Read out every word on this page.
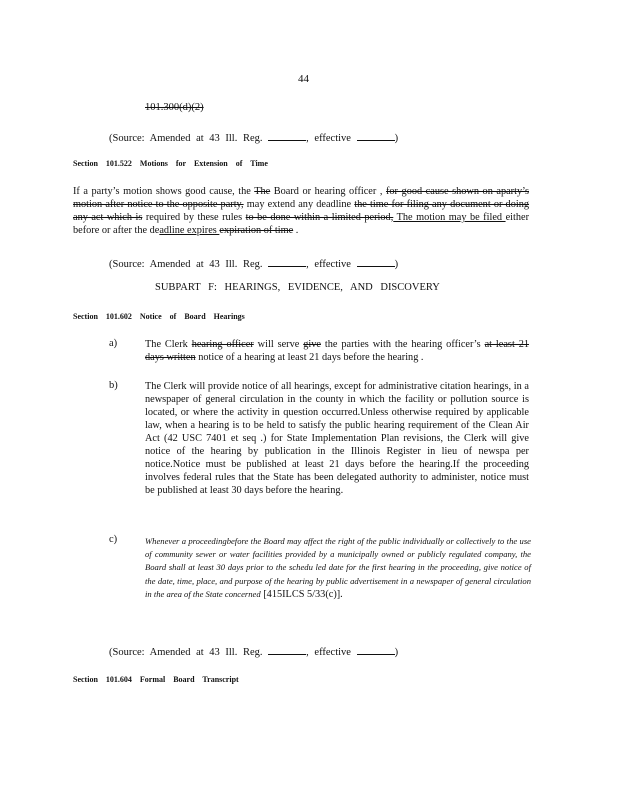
44
101.300(d)(2)
(Source: Amended at 43 Ill. Reg.	, effective	)
Section 101.522 Motions for Extension of Time
If a party’s motion shows good cause, the The Board or hearing officer , for good cause shown on aparty’s motion after notice to the opposite party, may extend any deadline the time for filing any document or doing any act which is required by these rules to be done within a limited period, The motion may be filed either before or after the deadline expires expiration of time .
(Source: Amended at 43 Ill. Reg.	, effective	)
SUBPART F: HEARINGS, EVIDENCE, AND DISCOVERY
Section 101.602 Notice of Board Hearings
a)	The Clerk hearing officer will serve give the parties with the hearing officer’s at least 21 days written notice of a hearing at least 21 days before the hearing .
b)	The Clerk will provide notice of all hearings, except for administrative citation hearings, in a newspaper of general circulation in the county in which the facility or pollution source is located, or where the activity in question occurred.Unless otherwise required by applicable law, when a hearing is to be held to satisfy the public hearing requirement of the Clean Air Act (42 USC 7401 et seq .) for State Implementation Plan revisions, the Clerk will give notice of the hearing by publication in the Illinois Register in lieu of newspa per notice.Notice must be published at least 21 days before the hearing.If the proceeding involves federal rules that the State has been delegated authority to administer, notice must be published at least 30 days before the hearing.
c)	Whenever a proceedingbefore the Board may affect the right of the public individually or collectively to the use of community sewer or water facilities provided by a municipally owned or publicly regulated company, the Board shall at least 30 days prior to the schedu led date for the first hearing in the proceeding, give notice of the date, time, place, and purpose of the hearing by public advertisement in a newspaper of general circulation in the area of the State concerned [415ILCS 5/33(c)].
(Source: Amended at 43 Ill. Reg.	, effective	)
Section 101.604 Formal Board Transcript
